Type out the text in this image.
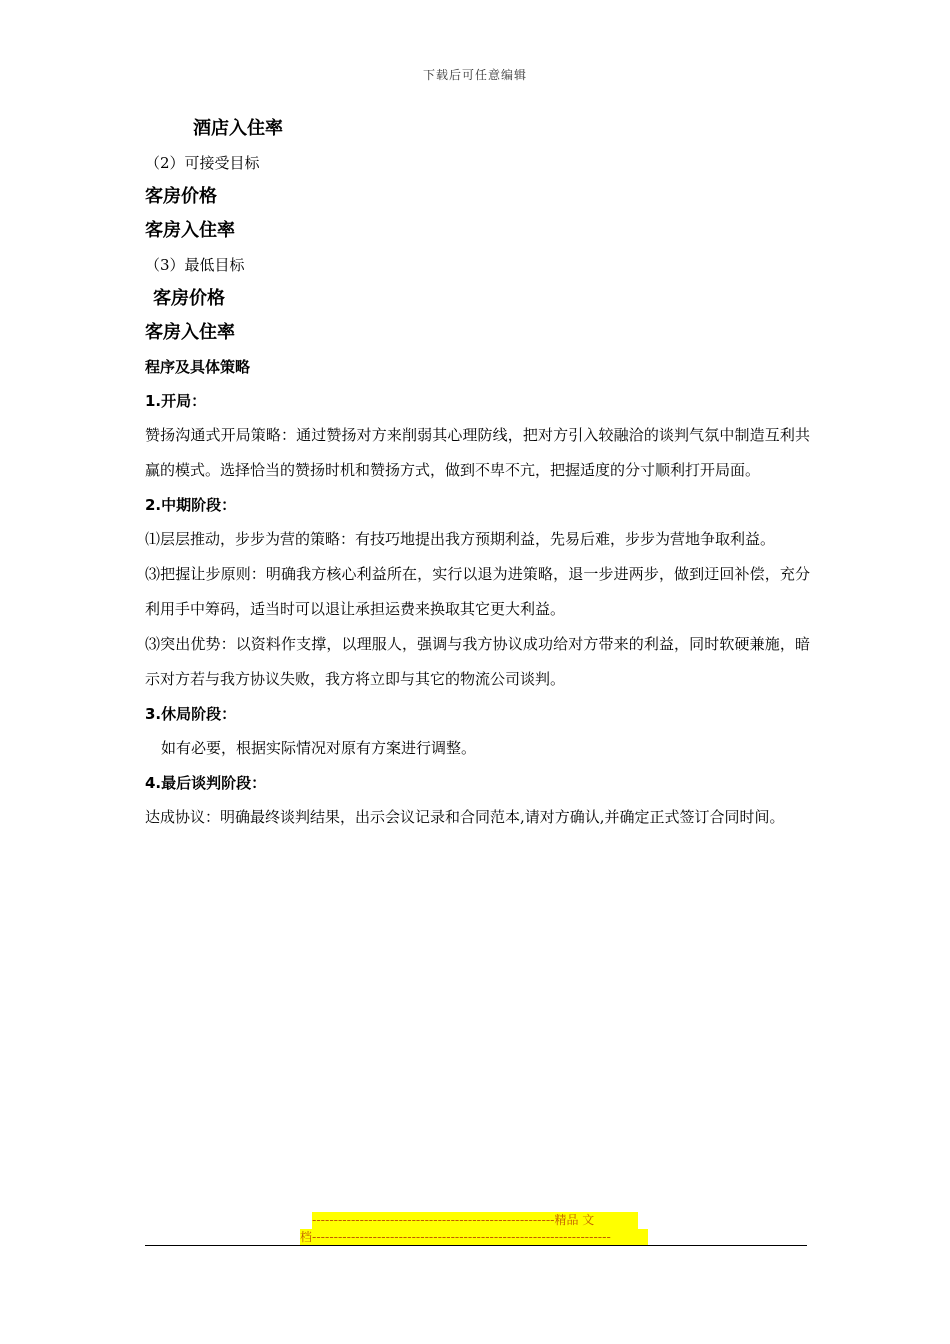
下载后可任意编辑
酒店入住率
（2）可接受目标
客房价格
客房入住率
（3）最低目标
客房价格
客房入住率
程序及具体策略
1.开局：

赞扬沟通式开局策略：通过赞扬对方来削弱其心理防线，把对方引入较融洽的谈判气氛中制造互利共赢的模式。选择恰当的赞扬时机和赞扬方式，做到不卑不亢，把握适度的分寸顺利打开局面。

2.中期阶段：

⑴层层推动，步步为营的策略：有技巧地提出我方预期利益，先易后难，步步为营地争取利益。

⑶把握让步原则：明确我方核心利益所在，实行以退为进策略，退一步进两步，做到迂回补偿，充分利用手中筹码，适当时可以退让承担运费来换取其它更大利益。

⑶突出优势：以资料作支撑，以理服人，强调与我方协议成功给对方带来的利益，同时软硬兼施，暗示对方若与我方协议失败，我方将立即与其它的物流公司谈判。

3.休局阶段：

如有必要，根据实际情况对原有方案进行调整。

4.最后谈判阶段：

达成协议：明确最终谈判结果，出示会议记录和合同范本,请对方确认,并确定正式签订合同时间。

--------------------------------------------------------精品 文
档---------------------------------------------------------------------
